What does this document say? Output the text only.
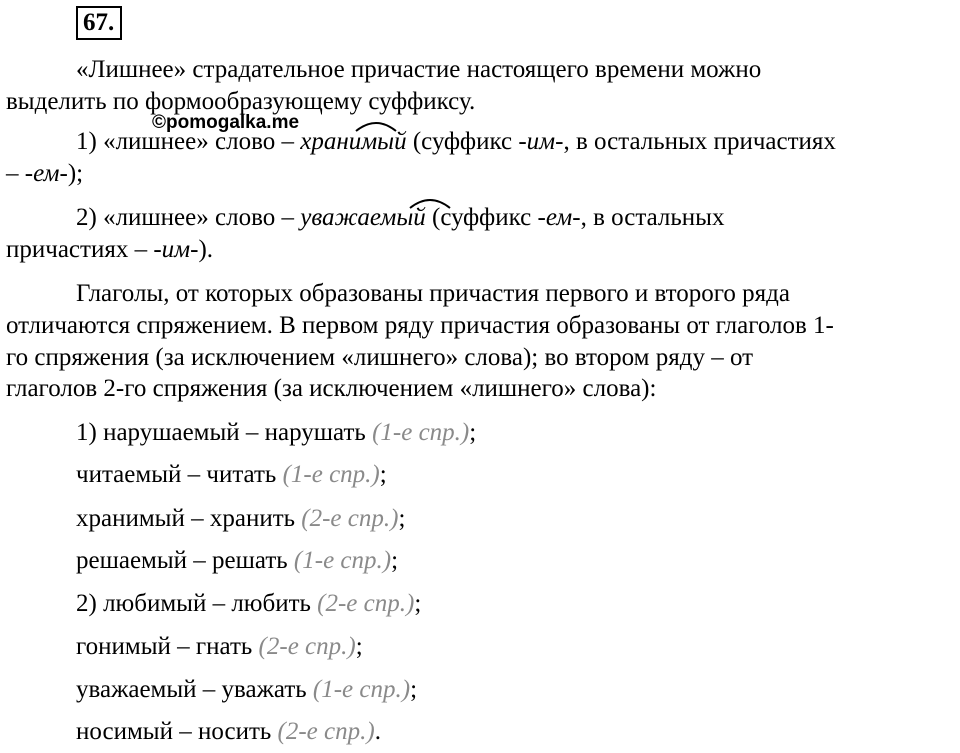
67.
«Лишнее» страдательное причастие настоящего времени можно
выделить по формообразующему суффиксу.
©pomogalka.me
1) «лишнее» слово – хранимый (суффикс -им-, в остальных причастиях
– -ем-);
2) «лишнее» слово – уважаемый (суффикс -ем-, в остальных
причастиях – -им-).
Глаголы, от которых образованы причастия первого и второго ряда
отличаются спряжением. В первом ряду причастия образованы от глаголов 1-
го спряжения (за исключением «лишнего» слова); во втором ряду – от
глаголов 2-го спряжения (за исключением «лишнего» слова):
1) нарушаемый – нарушать (1-е спр.);
читаемый – читать (1-е спр.);
хранимый – хранить (2-е спр.);
решаемый – решать (1-е спр.);
2) любимый – любить (2-е спр.);
гонимый – гнать (2-е спр.);
уважаемый – уважать (1-е спр.);
носимый – носить (2-е спр.).
